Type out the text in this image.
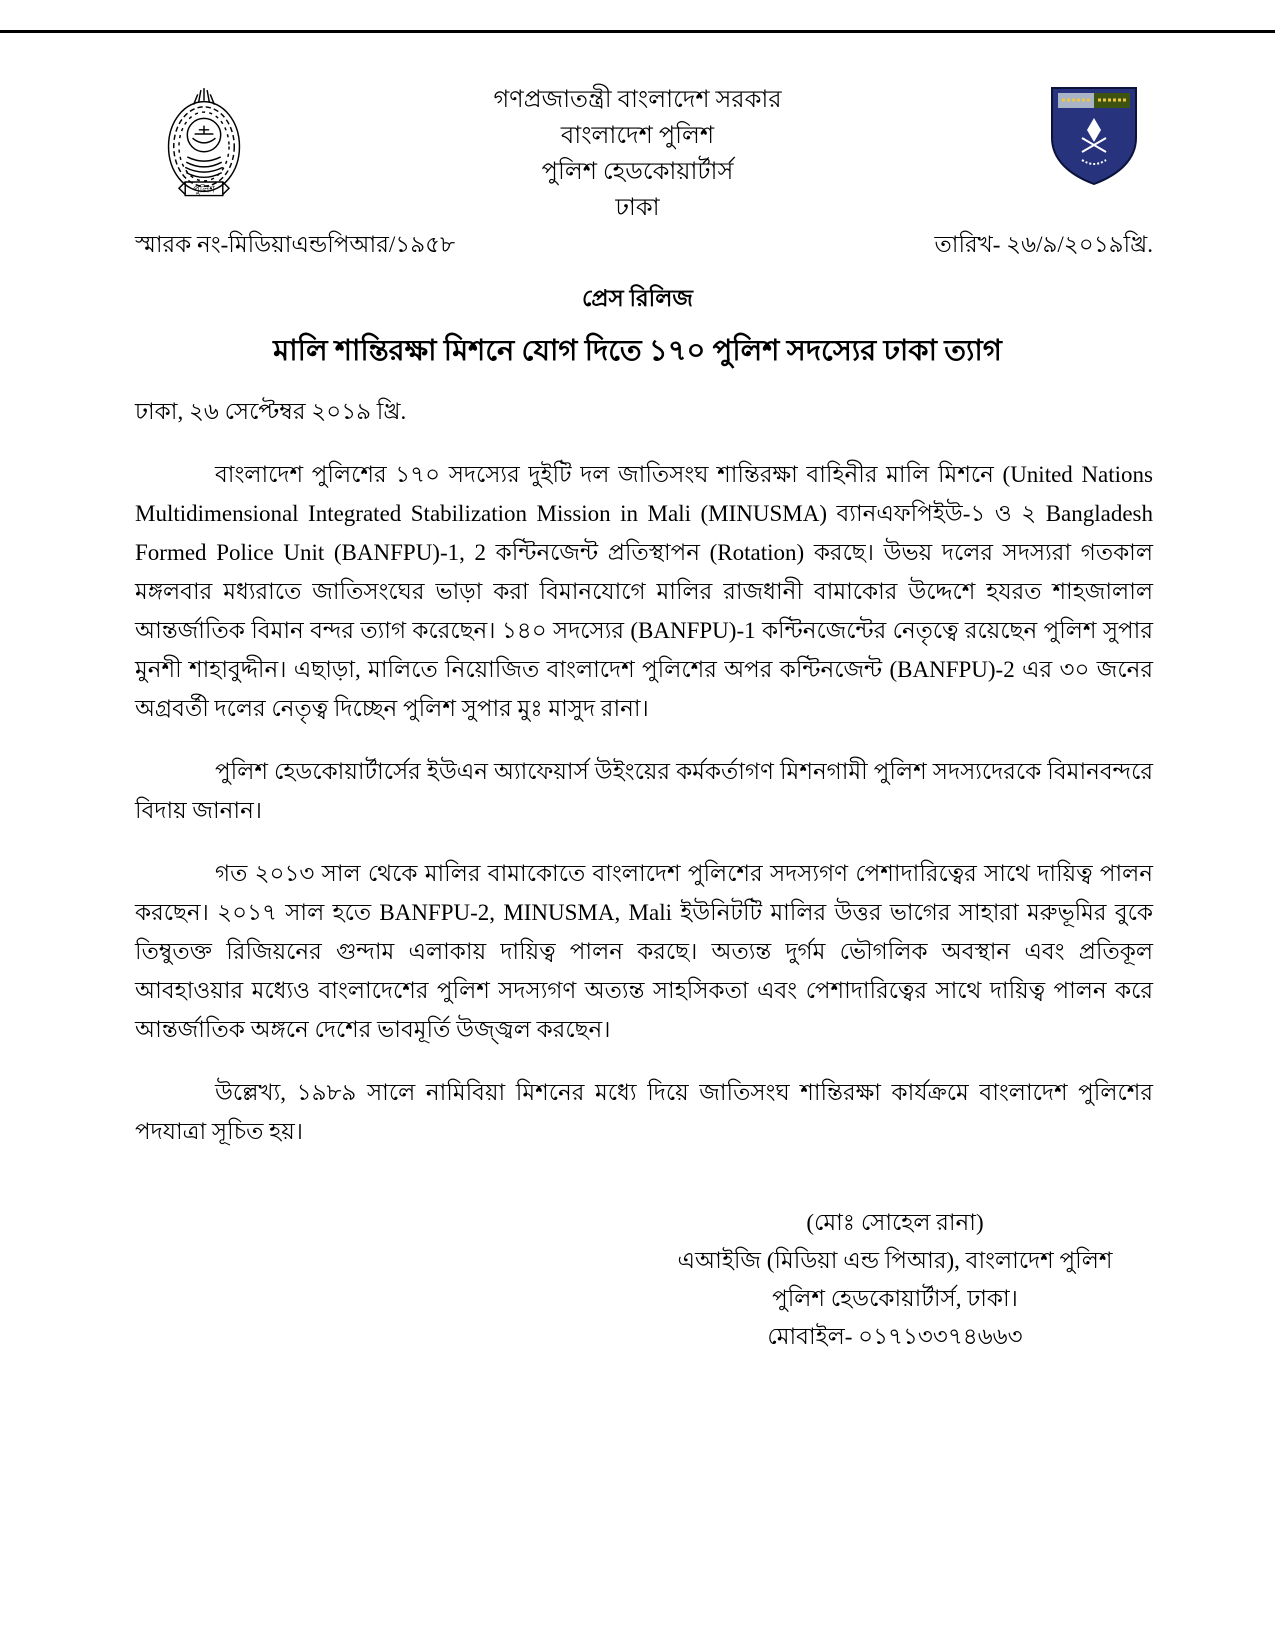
পুলিশ
গণপ্রজাতন্ত্রী বাংলাদেশ সরকার
বাংলাদেশ পুলিশ
পুলিশ হেডকোয়ার্টার্স
ঢাকা
স্মারক নং-মিডিয়াএন্ডপিআর/১৯৫৮	তারিখ- ২৬/৯/২০১৯খ্রি.
প্রেস রিলিজ
মালি শান্তিরক্ষা মিশনে যোগ দিতে ১৭০ পুলিশ সদস্যের ঢাকা ত্যাগ

ঢাকা, ২৬ সেপ্টেম্বর ২০১৯ খ্রি.

বাংলাদেশ পুলিশের ১৭০ সদস্যের দুইটি দল জাতিসংঘ শান্তিরক্ষা বাহিনীর মালি মিশনে (United Nations Multidimensional Integrated Stabilization Mission in Mali (MINUSMA) ব্যানএফপিইউ-১ ও ২ Bangladesh Formed Police Unit (BANFPU)-1, 2 কন্টিনজেন্ট প্রতিস্থাপন (Rotation) করছে। উভয় দলের সদস্যরা গতকাল মঙ্গলবার মধ্যরাতে জাতিসংঘের ভাড়া করা বিমানযোগে মালির রাজধানী বামাকোর উদ্দেশে হযরত শাহজালাল আন্তর্জাতিক বিমান বন্দর ত্যাগ করেছেন। ১৪০ সদস্যের (BANFPU)-1 কন্টিনজেন্টের নেতৃত্বে রয়েছেন পুলিশ সুপার মুনশী শাহাবুদ্দীন। এছাড়া, মালিতে নিয়োজিত বাংলাদেশ পুলিশের অপর কন্টিনজেন্ট (BANFPU)-2 এর ৩০ জনের অগ্রবর্তী দলের নেতৃত্ব দিচ্ছেন পুলিশ সুপার মুঃ মাসুদ রানা।

পুলিশ হেডকোয়ার্টার্সের ইউএন অ্যাফেয়ার্স উইংয়ের কর্মকর্তাগণ মিশনগামী পুলিশ সদস্যদেরকে বিমানবন্দরে বিদায় জানান।

গত ২০১৩ সাল থেকে মালির বামাকোতে বাংলাদেশ পুলিশের সদস্যগণ পেশাদারিত্বের সাথে দায়িত্ব পালন করছেন। ২০১৭ সাল হতে BANFPU-2, MINUSMA, Mali ইউনিটটি মালির উত্তর ভাগের সাহারা মরুভূমির বুকে তিম্বুতক্ত রিজিয়নের গুন্দাম এলাকায় দায়িত্ব পালন করছে। অত্যন্ত দুর্গম ভৌগলিক অবস্থান এবং প্রতিকূল আবহাওয়ার মধ্যেও বাংলাদেশের পুলিশ সদস্যগণ অত্যন্ত সাহসিকতা এবং পেশাদারিত্বের সাথে দায়িত্ব পালন করে আন্তর্জাতিক অঙ্গনে দেশের ভাবমূর্তি উজ্জ্বল করছেন।

উল্লেখ্য, ১৯৮৯ সালে নামিবিয়া মিশনের মধ্যে দিয়ে জাতিসংঘ শান্তিরক্ষা কার্যক্রমে বাংলাদেশ পুলিশের পদযাত্রা সূচিত হয়।

(মোঃ সোহেল রানা)
এআইজি (মিডিয়া এন্ড পিআর), বাংলাদেশ পুলিশ
পুলিশ হেডকোয়ার্টার্স, ঢাকা।
মোবাইল- ০১৭১৩৩৭৪৬৬৩
